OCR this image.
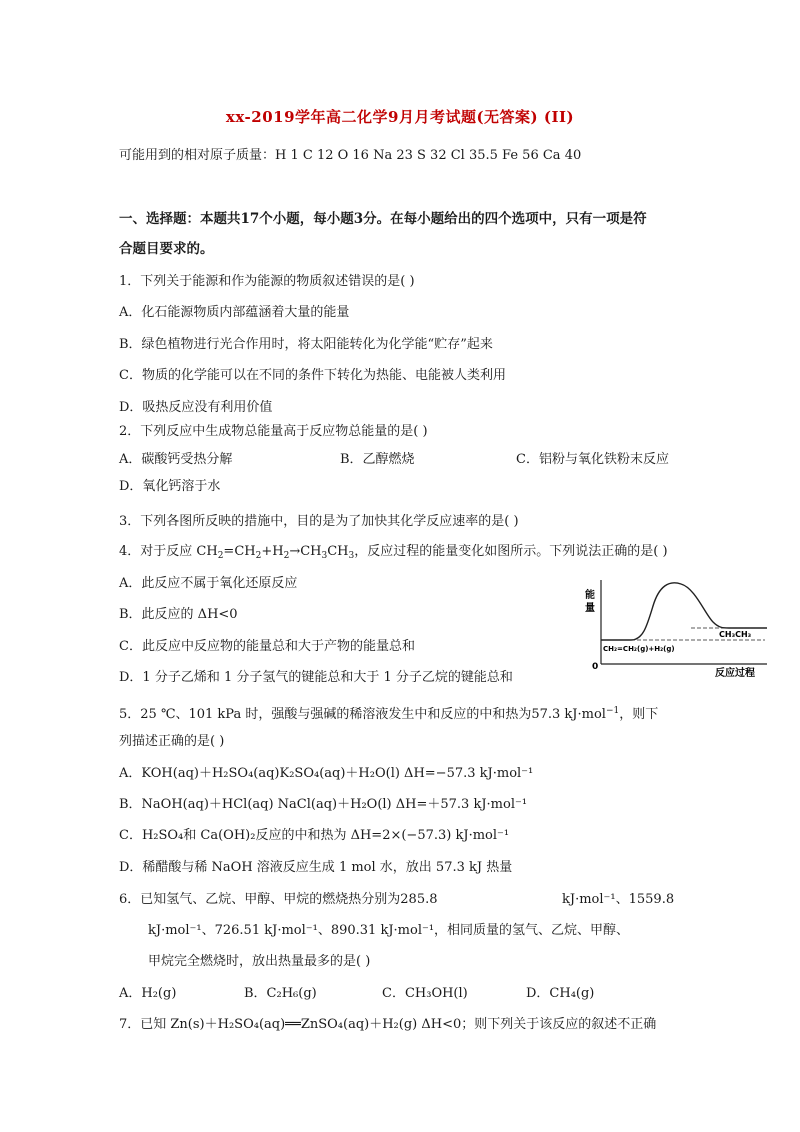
xx-2019学年高二化学9月月考试题(无答案) (II)
可能用到的相对原子质量：H 1 C 12 O 16 Na 23 S 32 Cl 35.5 Fe 56 Ca 40
一、选择题：本题共17个小题，每小题3分。在每小题给出的四个选项中，只有一项是符
合题目要求的。
1．下列关于能源和作为能源的物质叙述错误的是( )
A．化石能源物质内部蕴涵着大量的能量
B．绿色植物进行光合作用时，将太阳能转化为化学能“贮存”起来
C．物质的化学能可以在不同的条件下转化为热能、电能被人类利用
D．吸热反应没有利用价值
2．下列反应中生成物总能量高于反应物总能量的是( )
A．碳酸钙受热分解	B．乙醇燃烧	C．铝粉与氧化铁粉末反应
D．氧化钙溶于水
3．下列各图所反映的措施中，目的是为了加快其化学反应速率的是( )
4．对于反应 $CH_2=CH_2+H_2\to CH_3CH_3$，反应过程的能量变化如图所示。下列说法正确的是( )
A．此反应不属于氧化还原反应
B．此反应的 ΔH<0
C．此反应中反应物的能量总和大于产物的能量总和
D．1 分子乙烯和 1 分子氢气的键能总和大于 1 分子乙烷的键能总和
能
量
0
反应过程
CH₃CH₃
CH₂=CH₂(g)+H₂(g)
5．25 ℃、101 kPa 时，强酸与强碱的稀溶液发生中和反应的中和热为57.3 kJ·mol$^{-1}$，则下
列描述正确的是( )
A．KOH(aq)＋H₂SO₄(aq)K₂SO₄(aq)＋H₂O(l) ΔH=−57.3 kJ·mol⁻¹
B．NaOH(aq)＋HCl(aq) NaCl(aq)＋H₂O(l) ΔH=＋57.3 kJ·mol⁻¹
C．H₂SO₄和 Ca(OH)₂反应的中和热为 ΔH=2×(−57.3) kJ·mol⁻¹
D．稀醋酸与稀 NaOH 溶液反应生成 1 mol 水，放出 57.3 kJ 热量
6．已知氢气、乙烷、甲醇、甲烷的燃烧热分别为285.8	kJ·mol⁻¹、1559.8
kJ·mol⁻¹、726.51 kJ·mol⁻¹、890.31 kJ·mol⁻¹，相同质量的氢气、乙烷、甲醇、
甲烷完全燃烧时，放出热量最多的是( )
A．H₂(g)	B．C₂H₆(g)	C．CH₃OH(l)	D．CH₄(g)
7．已知 Zn(s)＋H₂SO₄(aq)══ZnSO₄(aq)＋H₂(g) ΔH<0；则下列关于该反应的叙述不正确
